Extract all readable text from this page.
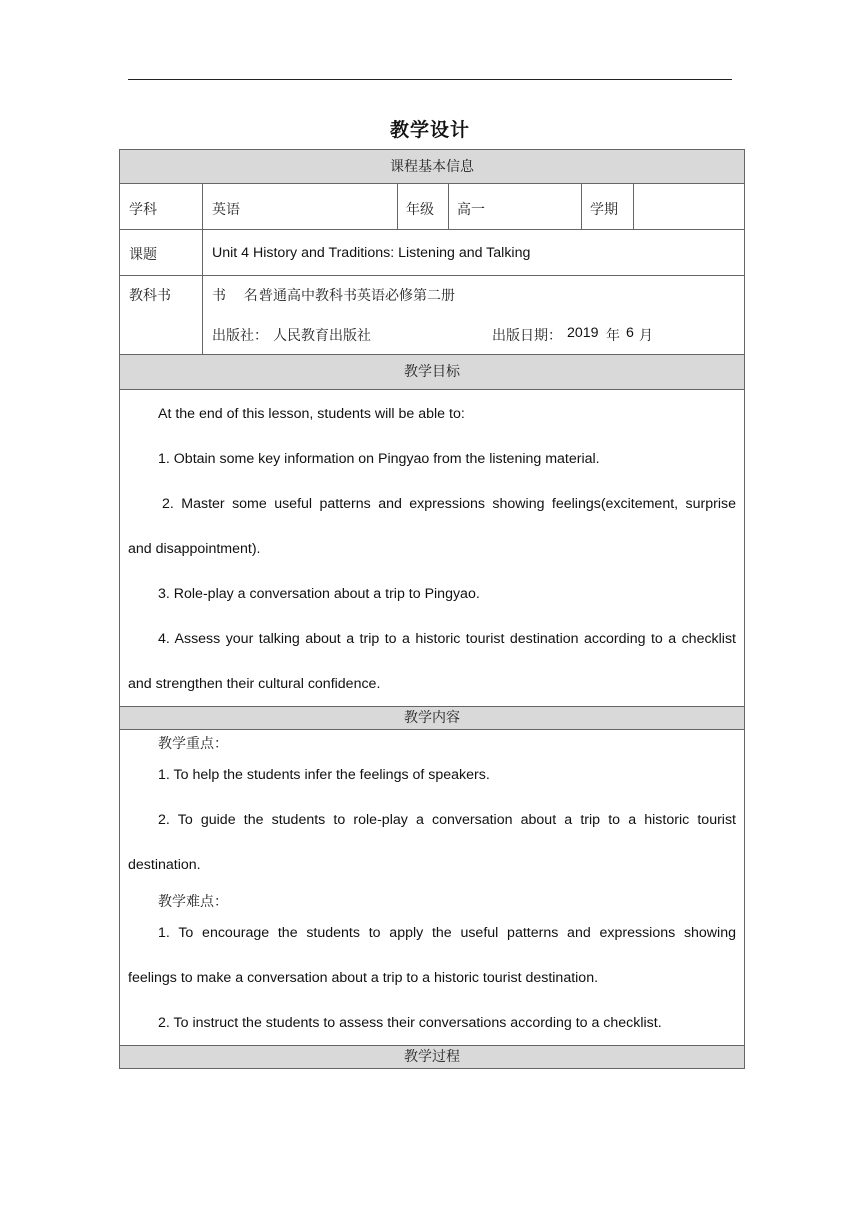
教学设计
课程基本信息
学科	英语	年级 高一	学期
课题	Unit 4 History and Traditions: Listening and Talking
教科书	书    名：
普通高中教科书英语必修第二册
出版社： 人民教育出版社	出版日期： 2019 年 6 月
教学目标
At the end of this lesson, students will be able to:
1. Obtain some key information on Pingyao from the listening material.
2. Master some useful patterns and expressions showing feelings(excitement, surprise
and disappointment).
3. Role-play a conversation about a trip to Pingyao.
4. Assess your talking about a trip to a historic tourist destination according to a checklist
and strengthen their cultural confidence.
教学内容
教学重点：
1. To help the students infer the feelings of speakers.
2. To guide the students to role-play a conversation about a trip to a historic tourist
destination.
教学难点：
1. To encourage the students to apply the useful patterns and expressions showing
feelings to make a conversation about a trip to a historic tourist destination.
2. To instruct the students to assess their conversations according to a checklist.
教学过程
